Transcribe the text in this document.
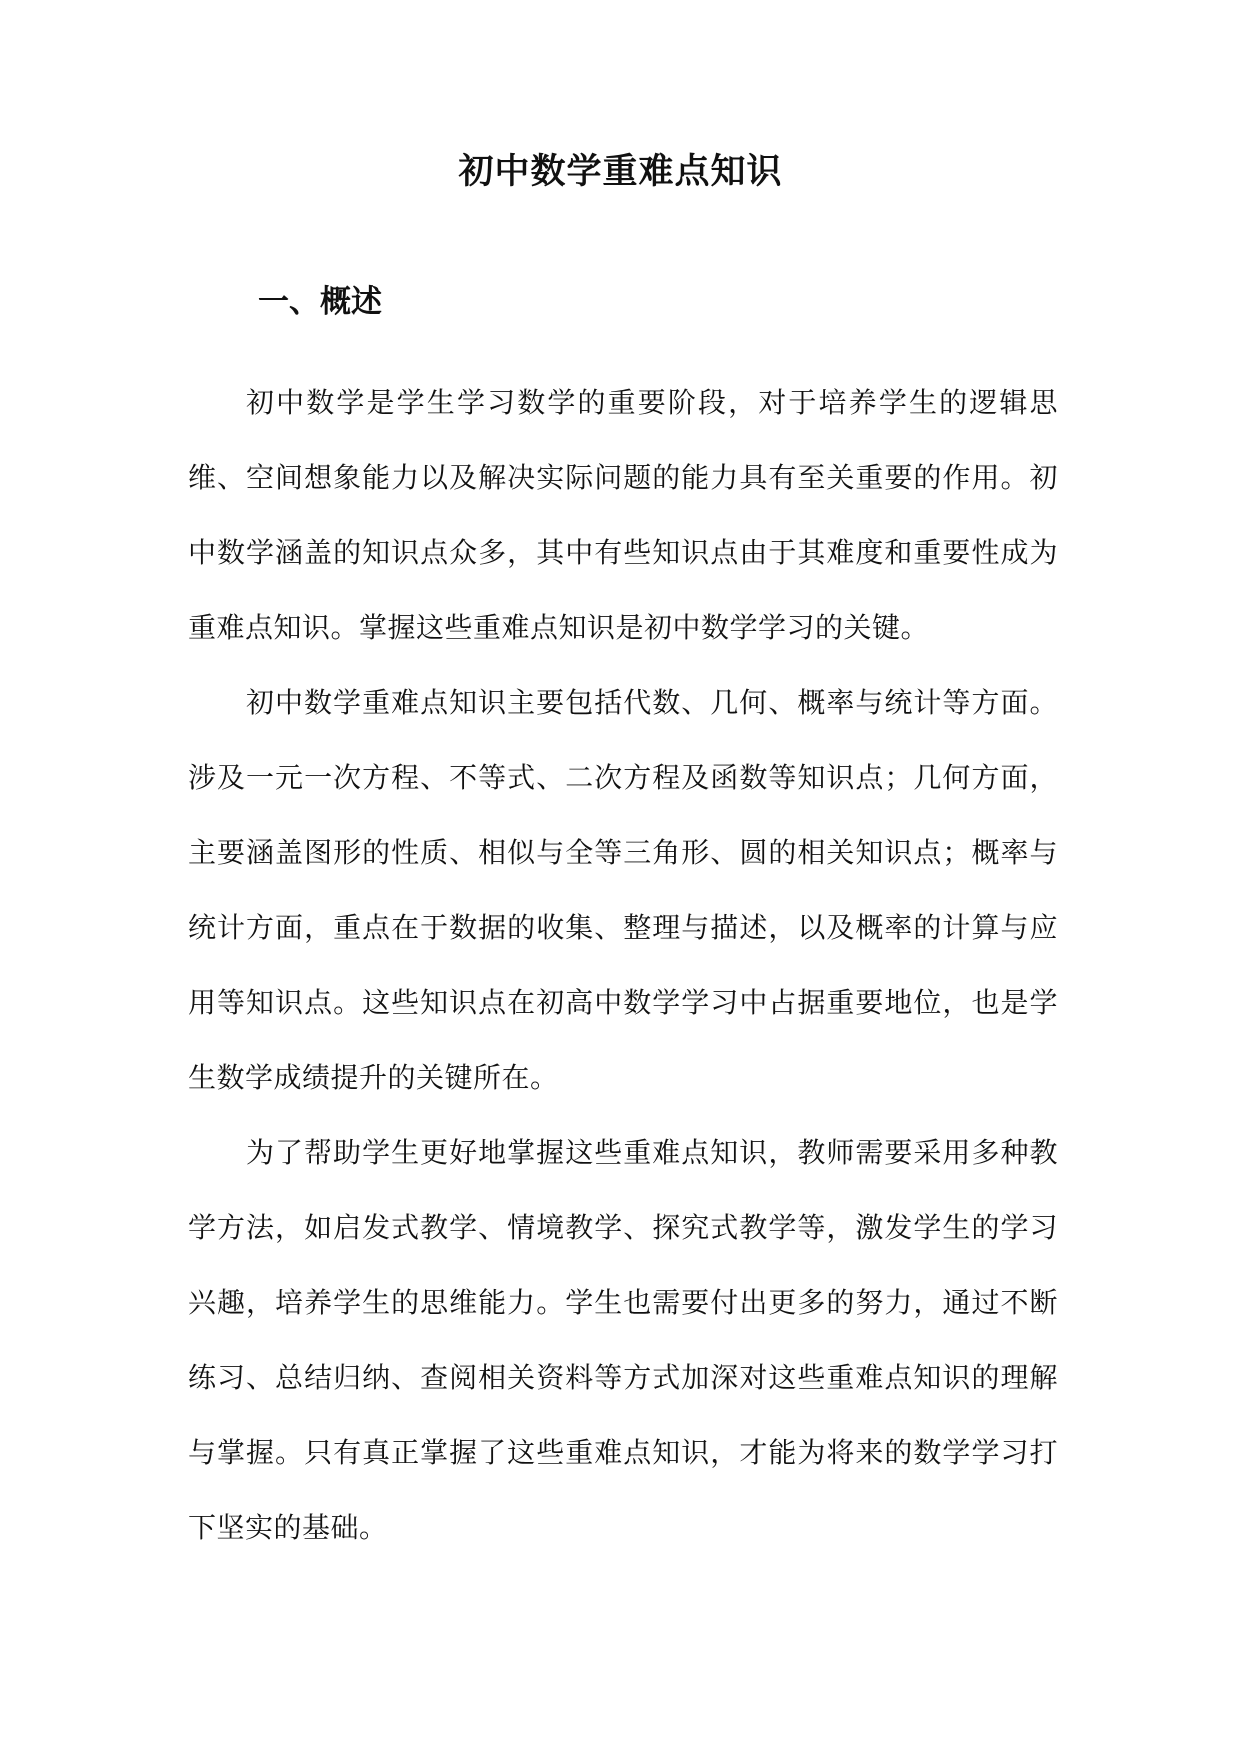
初中数学重难点知识
一、概述

初中数学是学生学习数学的重要阶段，对于培养学生的逻辑思维、空间想象能力以及解决实际问题的能力具有至关重要的作用。初中数学涵盖的知识点众多，其中有些知识点由于其难度和重要性成为重难点知识。掌握这些重难点知识是初中数学学习的关键。

初中数学重难点知识主要包括代数、几何、概率与统计等方面。涉及一元一次方程、不等式、二次方程及函数等知识点；几何方面，主要涵盖图形的性质、相似与全等三角形、圆的相关知识点；概率与统计方面，重点在于数据的收集、整理与描述，以及概率的计算与应用等知识点。这些知识点在初高中数学学习中占据重要地位，也是学生数学成绩提升的关键所在。

为了帮助学生更好地掌握这些重难点知识，教师需要采用多种教学方法，如启发式教学、情境教学、探究式教学等，激发学生的学习兴趣，培养学生的思维能力。学生也需要付出更多的努力，通过不断练习、总结归纳、查阅相关资料等方式加深对这些重难点知识的理解与掌握。只有真正掌握了这些重难点知识，才能为将来的数学学习打下坚实的基础。
